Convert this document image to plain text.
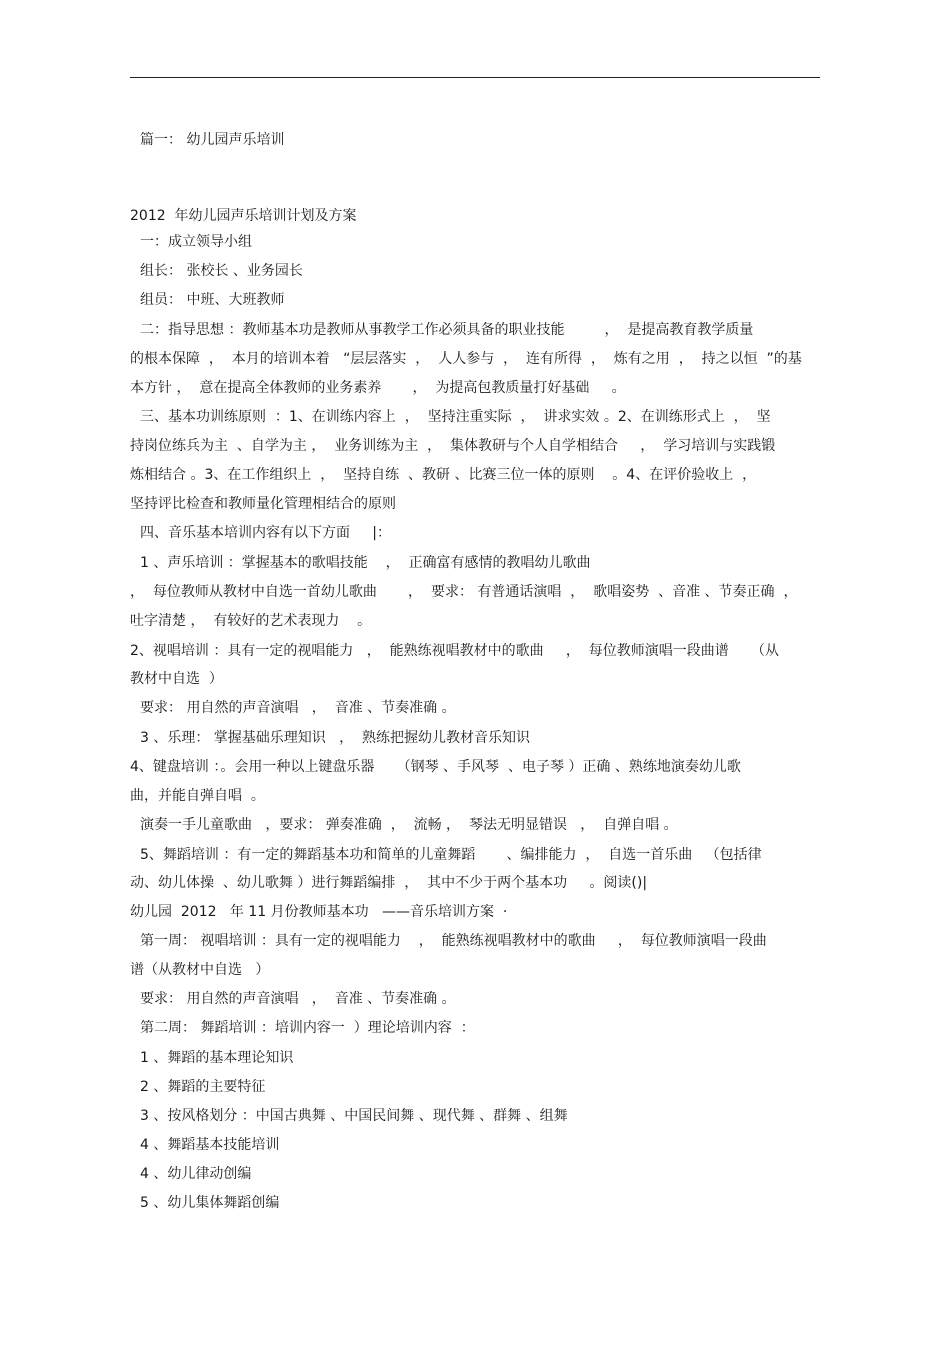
篇一： 幼儿园声乐培训
2012  年幼儿园声乐培训计划及方案
一：成立领导小组
组长： 张校长 、业务园长
组员： 中班、大班教师
二：指导思想 ：教师基本功是教师从事教学工作必须具备的职业技能         ，  是提高教育教学质量
的根本保障  ，  本月的培训本着   “层层落实  ，  人人参与  ，  连有所得  ，  炼有之用  ，  持之以恒  ”的基
本方针 ，  意在提高全体教师的业务素养       ，  为提高包教质量打好基础     。
三、基本功训练原则  ：1、在训练内容上  ，  坚持注重实际  ，  讲求实效 。2、在训练形式上  ，  坚
持岗位练兵为主  、自学为主 ，  业务训练为主  ，  集体教研与个人自学相结合     ，  学习培训与实践锻
炼相结合 。3、在工作组织上  ，  坚持自练  、教研 、比赛三位一体的原则    。4、在评价验收上  ，
坚持评比检查和教师量化管理相结合的原则
四、音乐基本培训内容有以下方面     |：
1 、声乐培训 ：掌握基本的歌唱技能    ，  正确富有感情的教唱幼儿歌曲
，  每位教师从教材中自选一首幼儿歌曲       ，  要求： 有普通话演唱  ，  歌唱姿势  、音准 、节奏正确  ，
吐字清楚 ，  有较好的艺术表现力    。
2、视唱培训 ：具有一定的视唱能力   ，  能熟练视唱教材中的歌曲     ，  每位教师演唱一段曲谱     （从
教材中自选  ）
要求： 用自然的声音演唱   ，  音准 、节奏准确 。
3 、乐理： 掌握基础乐理知识   ，  熟练把握幼儿教材音乐知识
4、键盘培训 ：。会用一种以上键盘乐器     （钢琴 、手风琴  、电子琴 ）正确 、熟练地演奏幼儿歌
曲，并能自弹自唱  。
演奏一手儿童歌曲   ，要求： 弹奏准确  ，  流畅 ，  琴法无明显错误   ，  自弹自唱 。
5、舞蹈培训 ：有一定的舞蹈基本功和简单的儿童舞蹈       、编排能力  ，  自选一首乐曲   （包括律
动、幼儿体操  、幼儿歌舞 ）进行舞蹈编排  ，  其中不少于两个基本功     。阅读()|
幼儿园  2012   年 11 月份教师基本功   ——音乐培训方案  ·
第一周： 视唱培训 ：具有一定的视唱能力    ，  能熟练视唱教材中的歌曲     ，  每位教师演唱一段曲
谱（从教材中自选   ）
要求： 用自然的声音演唱   ，  音准 、节奏准确 。
第二周： 舞蹈培训 ：培训内容一  ）理论培训内容  ：
1 、舞蹈的基本理论知识
2 、舞蹈的主要特征
3 、按风格划分 ：中国古典舞 、中国民间舞 、现代舞 、群舞 、组舞
4 、舞蹈基本技能培训
4 、幼儿律动创编
5 、幼儿集体舞蹈创编
